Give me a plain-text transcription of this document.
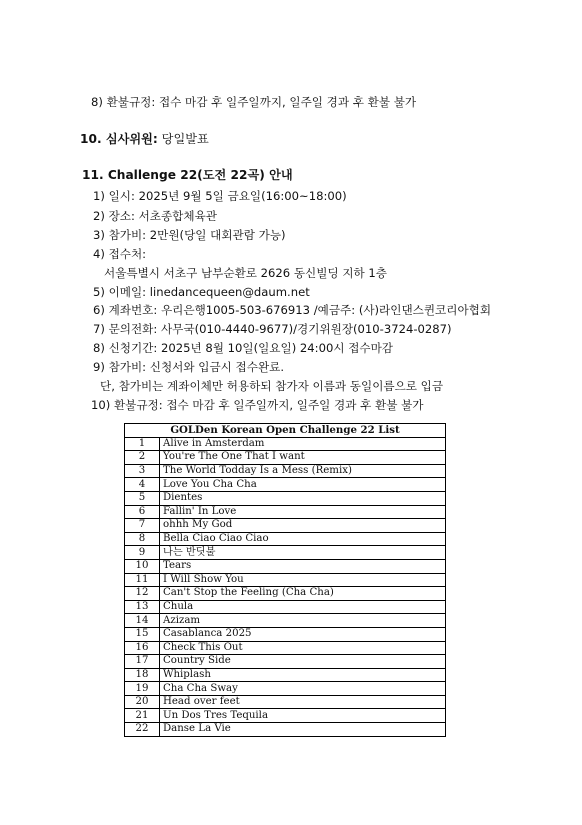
8) 환불규정: 접수 마감 후 일주일까지, 일주일 경과 후 환불 불가
10. 심사위원: 당일발표
11. Challenge 22(도전 22곡) 안내
1) 일시: 2025년 9월 5일 금요일(16:00~18:00)
2) 장소: 서초종합체육관
3) 참가비: 2만원(당일 대회관람 가능)
4) 접수처:
서울특별시 서초구 남부순환로 2626 동신빌딩 지하 1층
5) 이메일: linedancequeen@daum.net
6) 계좌번호: 우리은행1005-503-676913 /예금주: (사)라인댄스퀸코리아협회
7) 문의전화: 사무국(010-4440-9677)/경기위원장(010-3724-0287)
8) 신청기간: 2025년 8월 10일(일요일) 24:00시 접수마감
9) 참가비: 신청서와 입금시 접수완료.
단, 참가비는 계좌이체만 허용하되 참가자 이름과 동일이름으로 입금
10) 환불규정: 접수 마감 후 일주일까지, 일주일 경과 후 환불 불가
GOLDen Korean Open Challenge 22 List	
1	Alive in Amsterdam
2	You're The One That I want
3	The World Todday Is a Mess (Remix)
4	Love You Cha Cha
5	Dientes
6	Fallin' In Love
7	ohhh My God
8	Bella Ciao Ciao Ciao
9	나는 반딧불
10	Tears
11	I Will Show You
12	Can't Stop the Feeling (Cha Cha)
13	Chula
14	Azizam
15	Casablanca 2025
16	Check This Out
17	Country Side
18	Whiplash
19	Cha Cha Sway
20	Head over feet
21	Un Dos Tres Tequila
22	Danse La Vie
